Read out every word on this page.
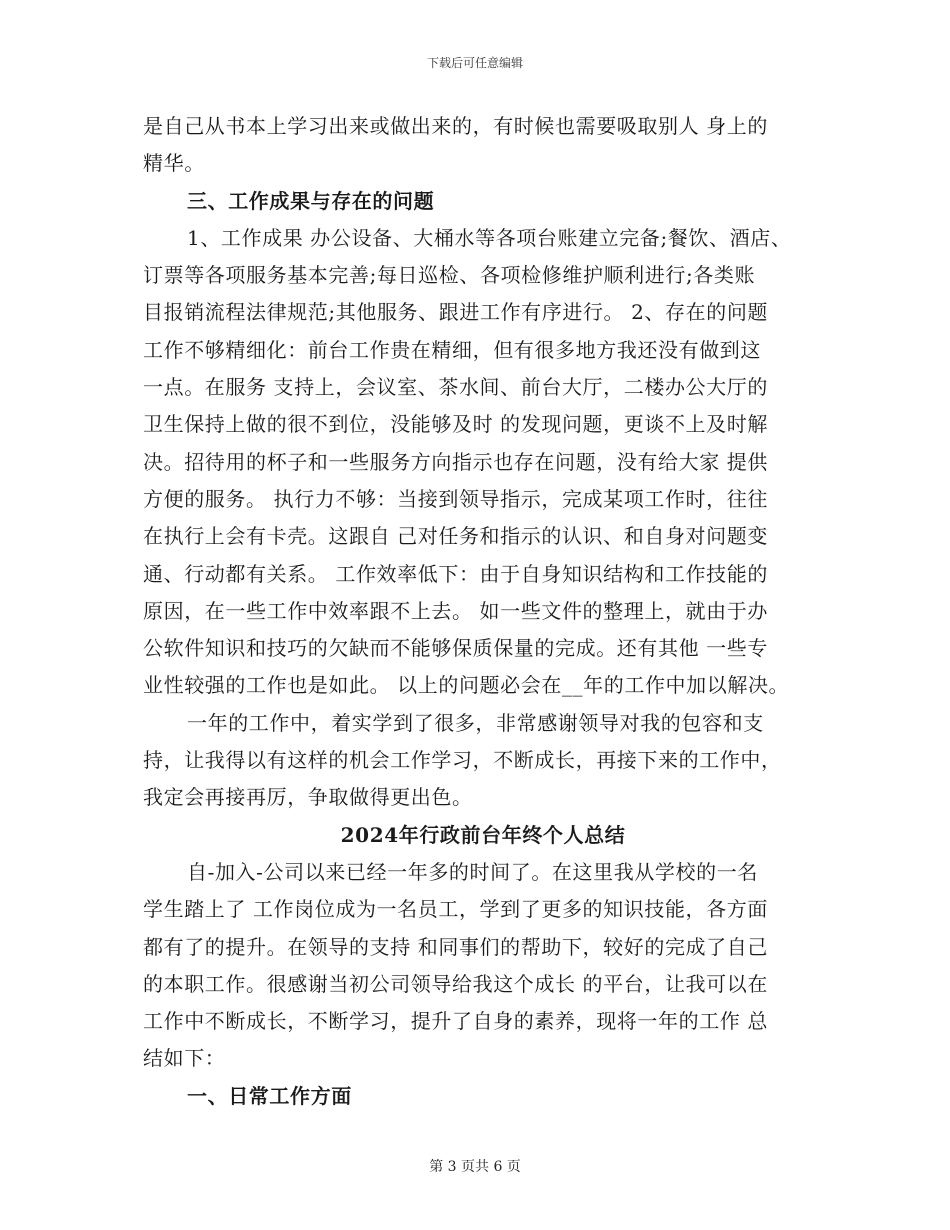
下载后可任意编辑
是自己从书本上学习出来或做出来的，有时候也需要吸取别人 身上的
精华。
三、工作成果与存在的问题
1、工作成果 办公设备、大桶水等各项台账建立完备;餐饮、酒店、
订票等各项服务基本完善;每日巡检、各项检修维护顺利进行;各类账
目报销流程法律规范;其他服务、跟进工作有序进行。 2、存在的问题
工作不够精细化：前台工作贵在精细，但有很多地方我还没有做到这
一点。在服务 支持上，会议室、茶水间、前台大厅，二楼办公大厅的
卫生保持上做的很不到位，没能够及时 的发现问题，更谈不上及时解
决。招待用的杯子和一些服务方向指示也存在问题，没有给大家 提供
方便的服务。 执行力不够：当接到领导指示，完成某项工作时，往往
在执行上会有卡壳。这跟自 己对任务和指示的认识、和自身对问题变
通、行动都有关系。 工作效率低下：由于自身知识结构和工作技能的
原因，在一些工作中效率跟不上去。 如一些文件的整理上，就由于办
公软件知识和技巧的欠缺而不能够保质保量的完成。还有其他 一些专
业性较强的工作也是如此。 以上的问题必会在__年的工作中加以解决。
一年的工作中，着实学到了很多，非常感谢领导对我的包容和支
持，让我得以有这样的机会工作学习，不断成长，再接下来的工作中，
我定会再接再厉，争取做得更出色。
2024年行政前台年终个人总结
自-加入-公司以来已经一年多的时间了。在这里我从学校的一名
学生踏上了 工作岗位成为一名员工，学到了更多的知识技能，各方面
都有了的提升。在领导的支持 和同事们的帮助下，较好的完成了自己
的本职工作。很感谢当初公司领导给我这个成长 的平台，让我可以在
工作中不断成长，不断学习，提升了自身的素养，现将一年的工作 总
结如下：
一、日常工作方面
第 3 页共 6 页
